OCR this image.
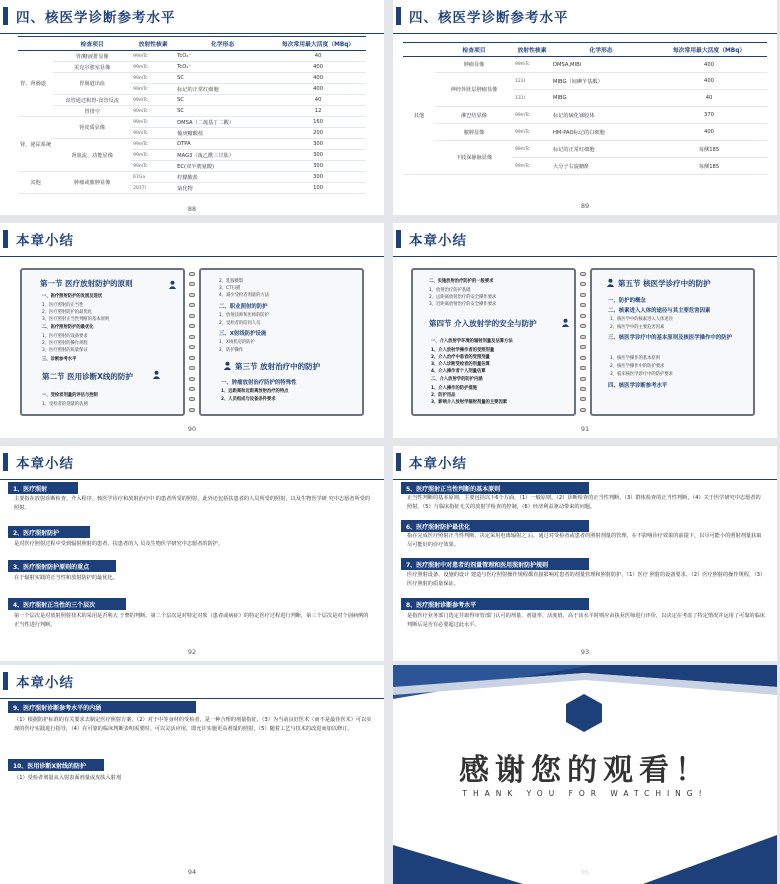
四、核医学诊断参考水平
	检查项目	放射性核素	化学形态	每次常用最大活度（MBq）
胃、肾肠道	胃/糖液排显像	99mTc	TcO₄⁻	40
	美克尔憩室显像	99mTc	TcO₄⁻	400
	胃肠道出血	99mTc	SC	400
		99mTc	标记的正常红细胞	400
	食管通过和胃-食管反流	99mTc	SC	40
	胃排空	99mTc	SC	12
肾、泌尿系统	肾皮质显像	99mTc	DMSA（二巯基丁二酸）	160
		99mTc	葡庚糖酸盐	200
	肾血流、功能显像	99mTc	DTPA	300
		99mTc	MAG3（巯乙酰三甘肽）	300
		99mTc	EC(双半胱氨酸)	300
其他	肿瘤或脓肿显像	67Ga	柠檬酸盐	300
		201Tl	氯化物	100
88
四、核医学诊断参考水平
	检查项目	放射性核素	化学形态	每次常用最大活度（MBq）
其他	肿瘤显像	99mTc	DMSA,MIBI	400
	神经外胚层肿瘤显像	123I	MIBG（间碘苄基胍）	400
		131I	MIBG	40
	淋巴结显像	99mTc	标记的硫化锑胶体	370
	脓肿显像	99mTc	HM-PAO标记的白细胞	400
	下肢深静脉显像	99mTc	标记的正常红细胞	每侧185
		99mTc	大分子右旋糖酐	每侧185
89
本章小结
第一节 医疗放射防护的原则
一、医疗照射防护的发展及现状
1、医疗照射的正当性
2、医疗照射防护的最优化
3、医疗照射正当性判断的基本原则
二、医疗照射防护的最优化
1、医疗照射的设备要求
2、医疗照射的操作规程
3、医疗照射的质量保证
三、诊断参考水平
第二节 医用诊断X线的防护
一、受检者剂量的评估与控制
1、受检者的剂量的估测
2、乳腺摄影
3、CT扫描
4、减少受检者剂量的方法
二、职业照射的防护
1、放射技师和医师的防护
2、受检者的陪同人员
三、X射线防护设施
1、X线机房的防护
2、防护操作
第三节 放射治疗中的防护
一、肿瘤放射治疗防护的特殊性
1、远距离和近距离放射治疗的特点
2、人员组成与设备条件要求
90
本章小结
二、实施放射治疗防护的一般要求
1、放射治疗防护基础
2、远距离放射治疗的安全操作要求
3、近距离放射治疗的安全操作要求
第四节 介入放射学的安全与防护
一、介入放射学环境的辐射剂量及估算方法
1、介入放射学操作者的受照剂量
2、介入治疗中患者的受照剂量
3、介入诊断受检者的剂量估算
4、介入操作者个人剂量估算
二、介入放射学的防护内涵
1、介入操作的防护措施
2、防护用品
3、影响介入放射学辐射剂量的主要因素
第五节 核医学诊疗中的防护
一、防护的概念
二、核素进入人体的途径与其主要危害因素
1、核医学中的核素进入人体途径
2、核医学中的主要危害因素
三、核医学诊疗中的基本原则及核医学操作中的防护
1、核医学操作的基本原则
2、核医学操作中的防护要求
3、临床核医学诊疗中的防护要求
四、核医学诊断参考水平
91
本章小结
1、医疗照射
主要指在放射诊断检查、介入程序、核医学诊疗和放射治疗中 的患者所受的照射，此外还包括扶患者的人员所受的照射，以及生物医学研 究中志愿者所受的照射。
2、医疗照射防护
是对医疗照射过程中受到辐射照射的患者、扶患者的人 员及生物医学研究中志愿者的防护。
3、医疗照射防护原则的重点
在于辐射实践的正当性和放射防护的最优化。
4、医疗照射正当性的三个层次
第一个层次是对放射照射技术的采用是否利大 于弊的判断。第二个层次是对特定对象（患者或病症）的特定医疗过程进行判断，第三个层次是对个别病例的正当性进行判断。
92
本章小结
5、医疗照射正当性判断的基本原则
正当性判断的基本原则，主要包括以下6个方面，（1）一般原则，（2）诊断检查的正当性判断，（3）群体检查的正当性判断，（4）关于医学研究中志愿者的照射，（5）与临床指征无关的放射学检查的控制，（6）经济利益驱动带来的问题。
6、医疗照射防护最优化
指在完成医疗照射正当性判断、决定采用电离辐射之 后，通过对受检者或患者的照射剂量的管理，在不影响诊疗效果的前提下，以尽可能小的照射剂量获取尽可能好的诊疗效果。
7、医疗照射中对患者的剂量管理和医用照射防护规则
医疗照射设备、设施的设计 建造与医疗照射操作规程都直接影响对患者的剂量管理和照射防护，（1）医疗 照射的设备要求，（2）医疗照射的操作规程，（3）医疗照射的质量保证。
8、医疗照射诊断参考水平
是指医疗业务部门选定并取得审管部门认可的剂量、剂量率、活度值，高于该水平时则应由执业医师进行评价，以决定在考虑了特定情况并运用了可靠的临床判断后是否有必要超过此水平。
93
本章小结
9、医疗照射诊断参考水平的内涵
（1）根据防护标准的有关要求去制定医疗照射方案，（2）对于中等身材的受检者，是一种合理的剂量指征，（3）为当前良好医术（而不是最佳医术）可以实现的医疗实践进行指导，（4）在可靠的临床判断表明需要时，可以灵活应用，即允许实施更高剂量的照射，（5）随着工艺与技术的改进而加以修订。
10、医用诊断X射线的防护
（1）受检者剂量从入射表面剂量或皮肤入射剂
94
感谢您的观看！
THANK YOU FOR WATCHING!
95
